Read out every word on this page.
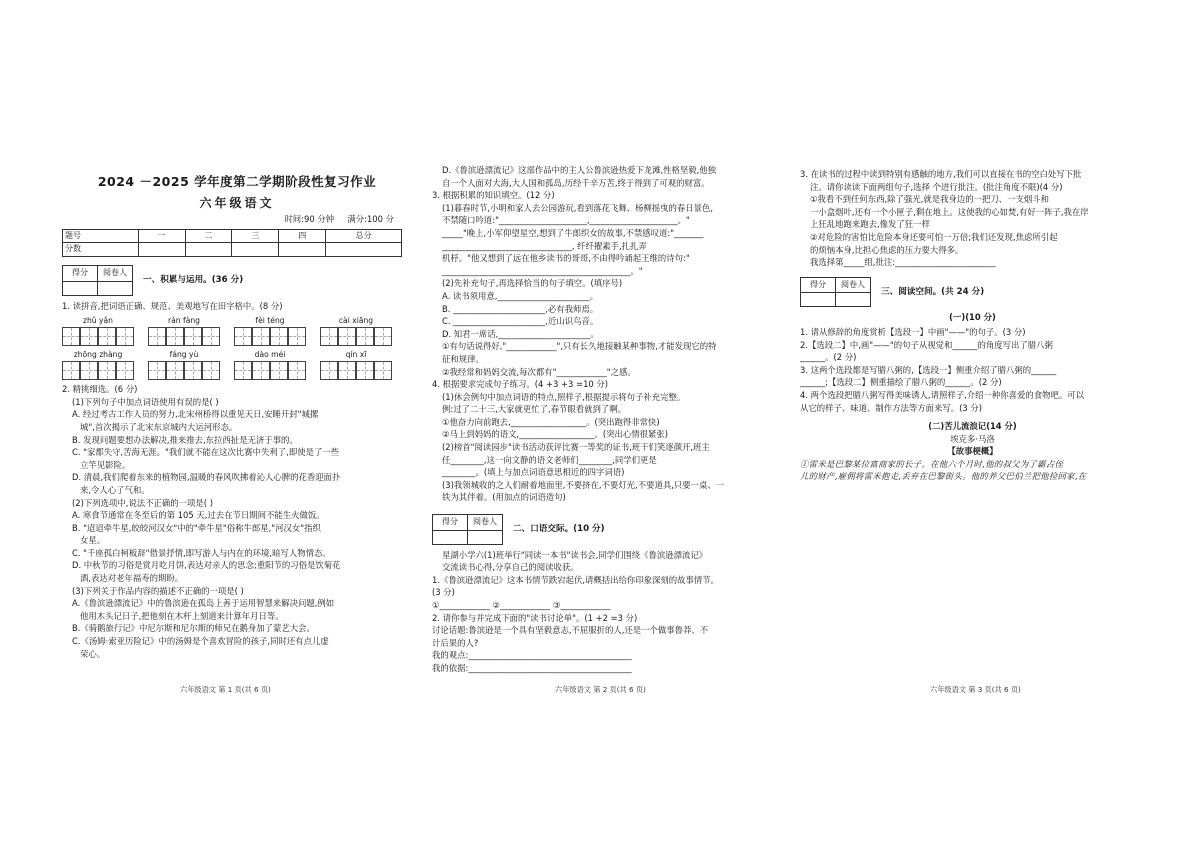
2024 －2025 学年度第二学期阶段性复习作业
六年级语文
时间:90 分钟 满分:100 分
题号	一	二	三	四	总分
分数					
得分	阅卷人

一、积累与运用。(36 分)
1. 读拼音,把词语正确、规范、美观地写在田字格中。(8 分)
zhǔ yǎn	rán fàng	fèi téng	cài xiāng
zhōng zhàng	fáng yù	dào méi	qín xī
2. 精挑细选。(6 分)
(1)下列句子中加点词语使用有误的是( )
A. 经过考古工作人员的努力,北宋州桥得以重见天日,安睡开封"城摞
城",首次揭示了北宋东京城内大运河形态。
B. 发现问题要想办法解决,推来推去,东拉西扯是无济于事的。
C. "家都失守,苦海无涯。"我们就不能在这次比赛中失利了,即使是了一些
立竿见影险。
D. 清晨,我们爬着东来的植物园,温暖的春风吹拂着沁人心脾的花香迎面扑
来,令人心了气和。
(2)下列选项中,说法不正确的一项是( )
A. 寒食节通常在冬至后的第 105 天,过去在节日期间不能生火做饭。
B. "迢迢牵牛星,皎皎河汉女"中的"牵牛星"俗称牛郎星,"河汉女"指织
女星。
C. "千座孤白柯板辞"借景抒情,即写游人与内在的环境,暗写人物情态。
D. 中秋节的习俗是赏月吃月饼,表达对亲人的思念;重阳节的习俗是饮菊花
酒,表达对老年福寿的期盼。
(3)下列关于作品内容的描述不正确的一项是( )
A.《鲁滨逊漂流记》中的鲁滨逊在孤岛上善于运用智慧来解决问题,例如
他用木头记日子,把他刻在木杆上刻道来计算年月日等。
B.《骑鹅旅行记》中尼尔斯和尼尔斯的师兄在鹅身加了蒙艺大会。
C.《汤姆·索亚历险记》中的汤姆是个喜欢冒险的孩子,同时还有点儿虚
荣心。
六年级语文 第 1 页(共 6 页)
D.《鲁滨逊漂流记》这部作品中的主人公鲁滨逊热爱下龙滩,性格坚毅,他独
自一个人面对大海,大人国和孤岛,历经千辛万苦,终于得到了可观的财富。
3. 根据积累的知识填空。(12 分)
(1)暮春时节,小明和家人去公园游玩,看到落花飞舞、杨柳摇曳的春日景色,
不禁随口吟道:"_____________________,_____________________。"
_____"晚上,小军仰望星空,想到了牛郎织女的故事,不禁感叹道:"_______
_______________________________, 纤纤擢素手,扎扎弄
机杼。"他又想到了远在他乡读书的哥哥,不由得吟诵起王维的诗句:"
_____________________________________________。"
(2)先补充句子,再选择恰当的句子填空。(填序号)
A. 读书须用意,______________________。
B. ______________________,必有我师焉。
C. ______________________,近山识鸟音。
D. 知君一席话,______________________。
①有句话说得好,"____________",只有长久地接触某种事物,才能发现它的特
征和规律。
②我经常和妈妈交流,每次都有"____________"之感。
4. 根据要求完成句子练习。(4 +3 +3 =10 分)
(1)休会例句中加点词语的特点,照样子,根据提示将句子补充完整。
例:过了二十三,大家就更忙了,春节眼看就到了啊。
①他奋力向前跑去,__________________。(突出跑得非常快)
②马上到妈妈的语文,__________________。(突出心情很紧张)
(2)榜首"阅读园步"读书活动获评比赛一等奖的证书,班干们笑逐颜开,班主
任________,这一向文静的语文老师们________,同学们更是
________。(填上与加点词语意思相近的四字词语)
(3)我领城收的之人们耐着地面里,不要挤在,不要灯光,不要道具,只要一桌、一
铁为其伴着。(用加点的词语造句)
得分	阅卷人

二、口语交际。(10 分)
星湖小学六(1)班举行"同读一本书"读书会,同学们围绕《鲁滨逊漂流记》
交流读书心得,分享自己的阅读收获。
1.《鲁滨逊漂流记》这本书情节跌宕起伏,请概括出给你印象深刻的故事情节。
(3 分)
①____________ ②____________ ③____________
2. 请你参与并完成下面的"读书讨论单"。(1 +2 =3 分)
讨论话题:鲁滨逊是一个具有坚毅意志,不屈服折的人,还是一个做事鲁莽、不
计后果的人?
我的观点:_______________________________________
我的依据:_______________________________________
六年级语文 第 2 页(共 6 页)
3. 在读书的过程中读到特别有感触的地方,我们可以直接在书的空白处写下批
注。请你读读下面两组句子,选择 个进行批注。(批注角度不限)(4 分)
①我看不到任何东西,除了强光,就是我身边的一把刀、一支烟斗和
一小盒烟叶,还有一个小匣子,剩在地上。这使我的心如焚,有好一阵子,我在岸
上狂乱地跑来跑去,像发了狂一样
②对危险的害怕比危险本身还要可怕一万倍;我们还发现,焦虑所引起
的烦恼本身,比担心焦虑的压力要大得多。
我选择第_____组,批注:________________________
得分	阅卷人

三、阅读空间。(共 24 分)
(一)(10 分)
1. 请从修辞的角度赏析【选段一】中画"——"的句子。(3 分)
2.【选段二】中,画"——"的句子从视觉和______的角度写出了腊八粥
______。(2 分)
3. 这两个选段都是写腊八粥的,【选段一】侧重介绍了腊八粥的______
______;【选段二】侧重描绘了腊八粥的______。(2 分)
4. 两个选段把腊八粥写得美味诱人,请照样子,介绍一种你喜爱的食物吧。可以
从它的样子、味道、制作方法等方面来写。(3 分)
(二)苦儿流浪记(14 分)
埃克多·马洛
【故事梗概】
①雷米是巴黎某位富商家的长子。在他六个月时,他的叔父为了霸占侄
儿的财产,雇佣将雷米抱走,丢弃在巴黎街头。他的养父巴伯兰把他捡回家,在
六年级语文 第 3 页(共 6 页)
